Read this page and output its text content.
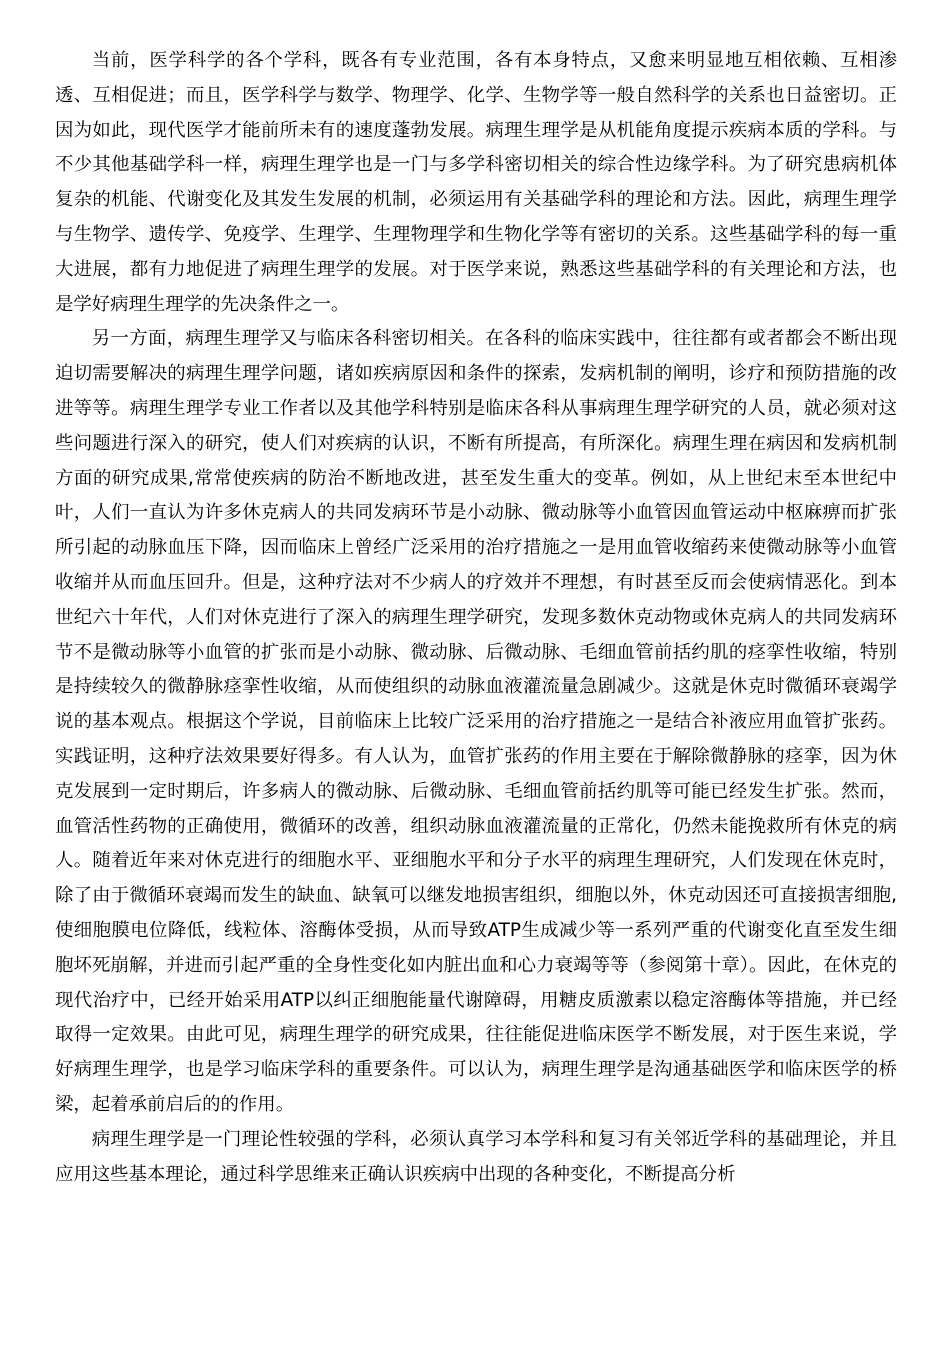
当前，医学科学的各个学科，既各有专业范围，各有本身特点，又愈来明显地互相依赖、互相渗透、互相促进；而且，医学科学与数学、物理学、化学、生物学等一般自然科学的关系也日益密切。正因为如此，现代医学才能前所未有的速度蓬勃发展。病理生理学是从机能角度提示疾病本质的学科。与不少其他基础学科一样，病理生理学也是一门与多学科密切相关的综合性边缘学科。为了研究患病机体复杂的机能、代谢变化及其发生发展的机制，必须运用有关基础学科的理论和方法。因此，病理生理学与生物学、遗传学、免疫学、生理学、生理物理学和生物化学等有密切的关系。这些基础学科的每一重大进展，都有力地促进了病理生理学的发展。对于医学来说，熟悉这些基础学科的有关理论和方法，也是学好病理生理学的先决条件之一。

另一方面，病理生理学又与临床各科密切相关。在各科的临床实践中，往往都有或者都会不断出现迫切需要解决的病理生理学问题，诸如疾病原因和条件的探索，发病机制的阐明，诊疗和预防措施的改进等等。病理生理学专业工作者以及其他学科特别是临床各科从事病理生理学研究的人员，就必须对这些问题进行深入的研究，使人们对疾病的认识，不断有所提高，有所深化。病理生理在病因和发病机制方面的研究成果,常常使疾病的防治不断地改进，甚至发生重大的变革。例如，从上世纪末至本世纪中叶，人们一直认为许多休克病人的共同发病环节是小动脉、微动脉等小血管因血管运动中枢麻痹而扩张所引起的动脉血压下降，因而临床上曾经广泛采用的治疗措施之一是用血管收缩药来使微动脉等小血管收缩并从而血压回升。但是，这种疗法对不少病人的疗效并不理想，有时甚至反而会使病情恶化。到本世纪六十年代，人们对休克进行了深入的病理生理学研究，发现多数休克动物或休克病人的共同发病环节不是微动脉等小血管的扩张而是小动脉、微动脉、后微动脉、毛细血管前括约肌的痉挛性收缩，特别是持续较久的微静脉痉挛性收缩，从而使组织的动脉血液灌流量急剧减少。这就是休克时微循环衰竭学说的基本观点。根据这个学说，目前临床上比较广泛采用的治疗措施之一是结合补液应用血管扩张药。实践证明，这种疗法效果要好得多。有人认为，血管扩张药的作用主要在于解除微静脉的痉挛，因为休克发展到一定时期后，许多病人的微动脉、后微动脉、毛细血管前括约肌等可能已经发生扩张。然而，血管活性药物的正确使用，微循环的改善，组织动脉血液灌流量的正常化，仍然未能挽救所有休克的病人。随着近年来对休克进行的细胞水平、亚细胞水平和分子水平的病理生理研究，人们发现在休克时，除了由于微循环衰竭而发生的缺血、缺氧可以继发地损害组织，细胞以外，休克动因还可直接损害细胞,使细胞膜电位降低，线粒体、溶酶体受损，从而导致ATP生成减少等一系列严重的代谢变化直至发生细胞坏死崩解，并进而引起严重的全身性变化如内脏出血和心力衰竭等等（参阅第十章）。因此，在休克的现代治疗中，已经开始采用ATP以纠正细胞能量代谢障碍，用糖皮质激素以稳定溶酶体等措施，并已经取得一定效果。由此可见，病理生理学的研究成果，往往能促进临床医学不断发展，对于医生来说，学好病理生理学，也是学习临床学科的重要条件。可以认为，病理生理学是沟通基础医学和临床医学的桥梁，起着承前启后的的作用。

病理生理学是一门理论性较强的学科，必须认真学习本学科和复习有关邻近学科的基础理论，并且应用这些基本理论，通过科学思维来正确认识疾病中出现的各种变化，不断提高分析
